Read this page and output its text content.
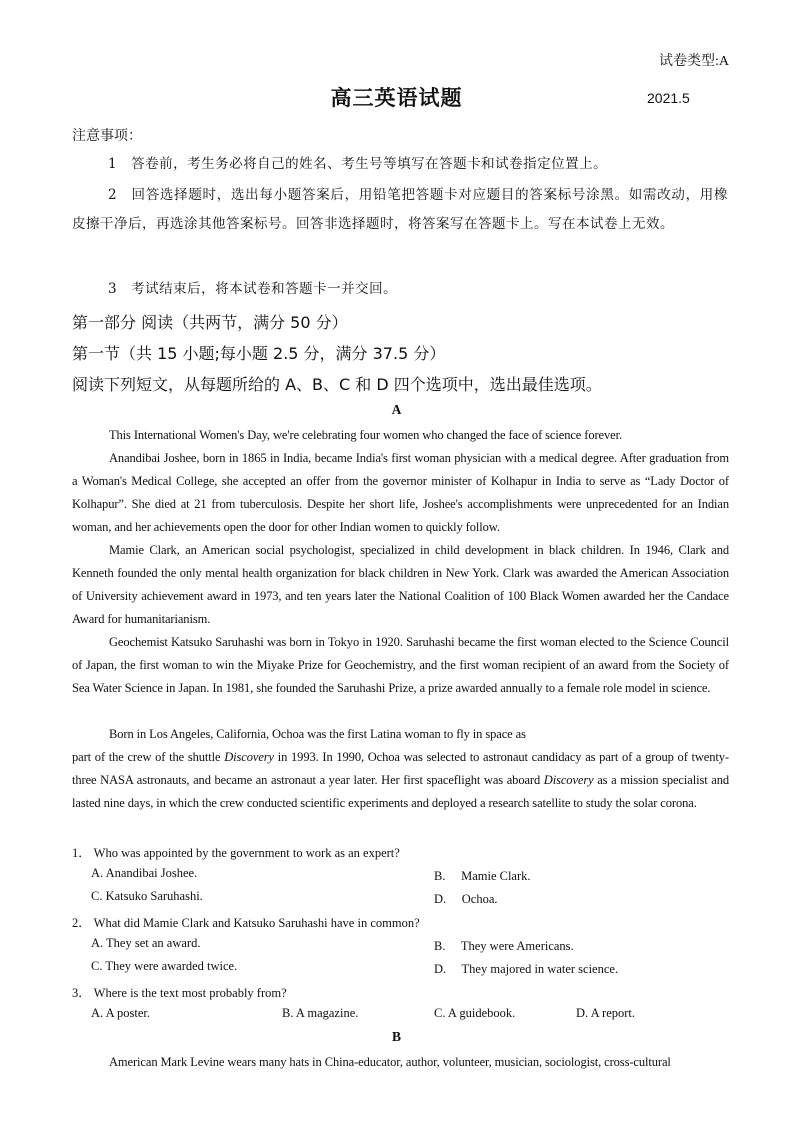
试卷类型:A
高三英语试题	2021.5
注意事项：
1　答卷前，考生务必将自己的姓名、考生号等填写在答题卡和试卷指定位置上。
2　回答选择题时，选出每小题答案后，用铅笔把答题卡对应题目的答案标号涂黑。如需改动，用橡皮擦干净后，再选涂其他答案标号。回答非选择题时，将答案写在答题卡上。写在本试卷上无效。
3　考试结束后，将本试卷和答题卡一并交回。
第一部分 阅读（共两节，满分 50 分）
第一节（共 15 小题;每小题 2.5 分，满分 37.5 分）
阅读下列短文，从每题所给的 A、B、C 和 D 四个选项中，选出最佳选项。
A
This International Women's Day, we're celebrating four women who changed the face of science forever.
Anandibai Joshee, born in 1865 in India, became India's first woman physician with a medical degree. After graduation from a Woman's Medical College, she accepted an offer from the governor minister of Kolhapur in India to serve as “Lady Doctor of Kolhapur”. She died at 21 from tuberculosis. Despite her short life, Joshee's accomplishments were unprecedented for an Indian woman, and her achievements open the door for other Indian women to quickly follow.
Mamie Clark, an American social psychologist, specialized in child development in black children. In 1946, Clark and Kenneth founded the only mental health organization for black children in New York. Clark was awarded the American Association of University achievement award in 1973, and ten years later the National Coalition of 100 Black Women awarded her the Candace Award for humanitarianism.
Geochemist Katsuko Saruhashi was born in Tokyo in 1920. Saruhashi became the first woman elected to the Science Council of Japan, the first woman to win the Miyake Prize for Geochemistry, and the first woman recipient of an award from the Society of Sea Water Science in Japan. In 1981, she founded the Saruhashi Prize, a prize awarded annually to a female role model in science.
Born in Los Angeles, California, Ochoa was the first Latina woman to fly in space as
part of the crew of the shuttle Discovery in 1993. In 1990, Ochoa was selected to astronaut candidacy as part of a group of twenty-three NASA astronauts, and became an astronaut a year later. Her first spaceflight was aboard Discovery as a mission specialist and lasted nine days, in which the crew conducted scientific experiments and deployed a research satellite to study the solar corona.
1． Who was appointed by the government to work as an expert?
A. Anandibai Joshee.	B.　 Mamie Clark.
C. Katsuko Saruhashi.	D.　 Ochoa.
2． What did Mamie Clark and Katsuko Saruhashi have in common?
A. They set an award.	B.　 They were Americans.
C. They were awarded twice.	D.　 They majored in water science.
3． Where is the text most probably from?
A. A poster.	B. A magazine.	C. A guidebook.	D. A report.
B
American Mark Levine wears many hats in China-educator, author, volunteer, musician, sociologist, cross-cultural
